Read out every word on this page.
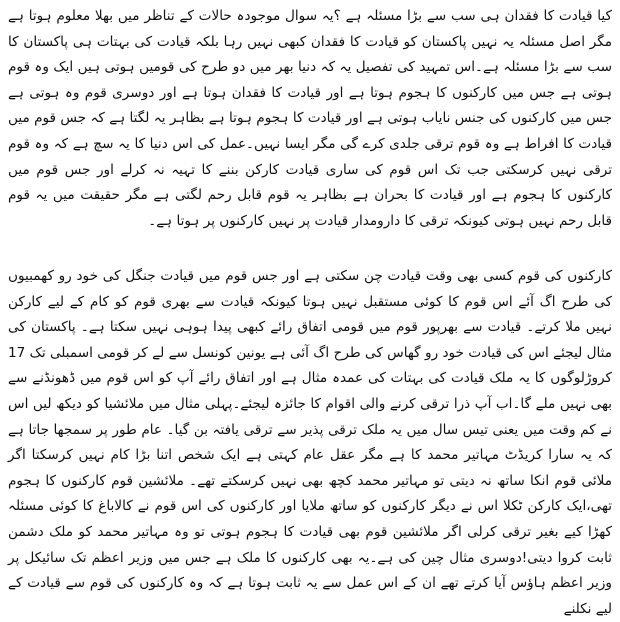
کیا قیادت کا فقدان ہی سب سے بڑا مسئلہ ہے ؟یہ سوال موجودہ حالات کے تناظر میں بھلا معلوم ہوتا ہے مگر اصل مسئلہ یہ نہیں پاکستان کو قیادت کا فقدان کبھی نہیں رہا بلکہ قیادت کی بہتات ہی پاکستان کا سب سے بڑا مسئلہ ہے۔اس تمہید کی تفصیل یہ کہ دنیا بھر میں دو طرح کی قومیں ہوتی ہیں ایک وہ قوم ہوتی ہے جس میں کارکنوں کا ہجوم ہوتا ہے اور قیادت کا فقدان ہوتا ہے اور دوسری قوم وہ ہوتی ہے جس میں کارکنوں کی جنس نایاب ہوتی ہے اور قیادت کا ہجوم ہوتا ہے بظاہر یہ لگتا ہے کہ جس قوم میں قیادت کا افراط ہے وہ قوم ترقی جلدی کرے گی مگر ایسا نہیں۔عمل کی اس دنیا کا یہ سچ ہے کہ وہ قوم ترقی نہیں کرسکتی جب تک اس قوم کی ساری قیادت کارکن بننے کا تہیہ نہ کرلے اور جس قوم میں کارکنوں کا ہجوم ہے اور قیادت کا بحران ہے بظاہر یہ قوم قابل رحم لگتی ہے مگر حقیقت میں یہ قوم قابل رحم نہیں ہوتی کیونکہ ترقی کا دارومدار قیادت پر نہیں کارکنوں پر ہوتا ہے۔

کارکنوں کی قوم کسی بھی وقت قیادت چن سکتی ہے اور جس قوم میں قیادت جنگل کی خود رو کھمبیوں کی طرح اگ آئے اس قوم کا کوئی مستقبل نہیں ہوتا کیونکہ قیادت سے بھری قوم کو کام کے لیے کارکن نہیں ملا کرتے۔ قیادت سے بھرپور قوم میں قومی اتفاق رائے کبھی پیدا ہوہی نہیں سکتا ہے۔ پاکستان کی مثال لیجئے اس کی قیادت خود رو گھاس کی طرح اگ آئی ہے یونین کونسل سے لے کر قومی اسمبلی تک 17 کروڑلوگوں کا یہ ملک قیادت کی بہتات کی عمدہ مثال ہے اور اتفاق رائے آپ کو اس قوم میں ڈھونڈنے سے بھی نہیں ملے گا۔اب آپ ذرا ترقی کرنے والی اقوام کا جائزہ لیجئے۔پہلی مثال میں ملائشیا کو دیکھ لیں اس نے کم وقت میں یعنی تیس سال میں یہ ملک ترقی پذیر سے ترقی یافتہ بن گیا۔ عام طور پر سمجھا جاتا ہے کہ یہ سارا کریڈٹ مہاتیر محمد کا ہے مگر عقل عام کہتی ہے ایک شخص اتنا بڑا کام نہیں کرسکتا اگر ملائی قوم انکا ساتھ نہ دیتی تو مہاتیر محمد کچھ بھی نہیں کرسکتے تھے۔ ملائشین قوم کارکنوں کا ہجوم تھی،ایک کارکن ٹکلا اس نے دیگر کارکنوں کو ساتھ ملایا اور کارکنوں کی اس قوم نے کالاباغ کا کوئی مسئلہ کھڑا کیے بغیر ترقی کرلی اگر ملائشین قوم بھی قیادت کا ہجوم ہوتی تو وہ مہاتیر محمد کو ملک دشمن ثابت کروا دیتی!دوسری مثال چین کی ہے۔یہ بھی کارکنوں کا ملک ہے جس میں وزیر اعظم تک سائیکل پر وزیر اعظم ہاؤس آیا کرتے تھے ان کے اس عمل سے یہ ثابت ہوتا ہے کہ وہ کارکنوں کی قوم سے قیادت کے لیے نکلنے
